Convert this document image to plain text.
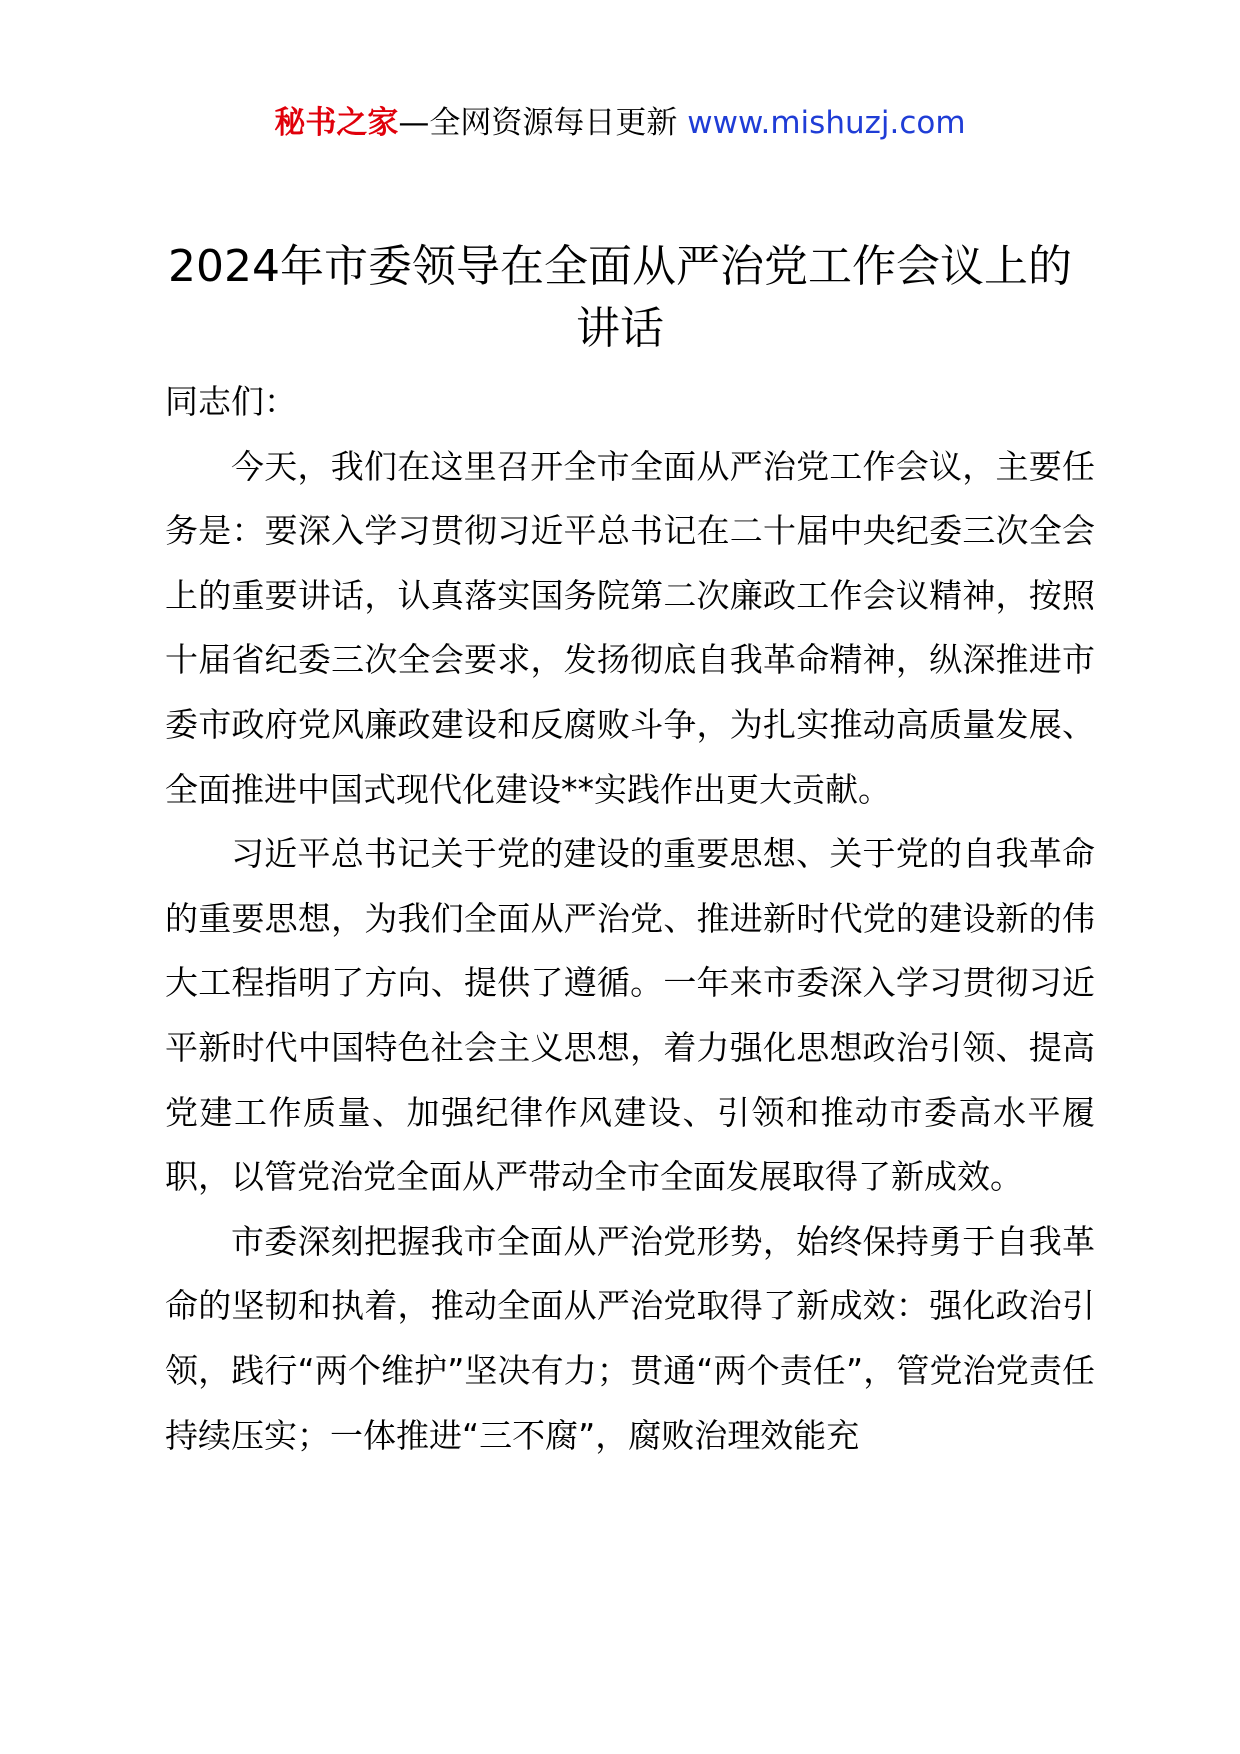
秘书之家—全网资源每日更新 www.mishuzj.com
2024年市委领导在全面从严治党工作会议上的讲话

同志们：

今天，我们在这里召开全市全面从严治党工作会议，主要任务是：要深入学习贯彻习近平总书记在二十届中央纪委三次全会上的重要讲话，认真落实国务院第二次廉政工作会议精神，按照十届省纪委三次全会要求，发扬彻底自我革命精神，纵深推进市委市政府党风廉政建设和反腐败斗争，为扎实推动高质量发展、全面推进中国式现代化建设**实践作出更大贡献。

习近平总书记关于党的建设的重要思想、关于党的自我革命的重要思想，为我们全面从严治党、推进新时代党的建设新的伟大工程指明了方向、提供了遵循。一年来市委深入学习贯彻习近平新时代中国特色社会主义思想，着力强化思想政治引领、提高党建工作质量、加强纪律作风建设、引领和推动市委高水平履职，以管党治党全面从严带动全市全面发展取得了新成效。

市委深刻把握我市全面从严治党形势，始终保持勇于自我革命的坚韧和执着，推动全面从严治党取得了新成效：强化政治引领，践行“两个维护”坚决有力；贯通“两个责任”，管党治党责任持续压实；一体推进“三不腐”，腐败治理效能充
